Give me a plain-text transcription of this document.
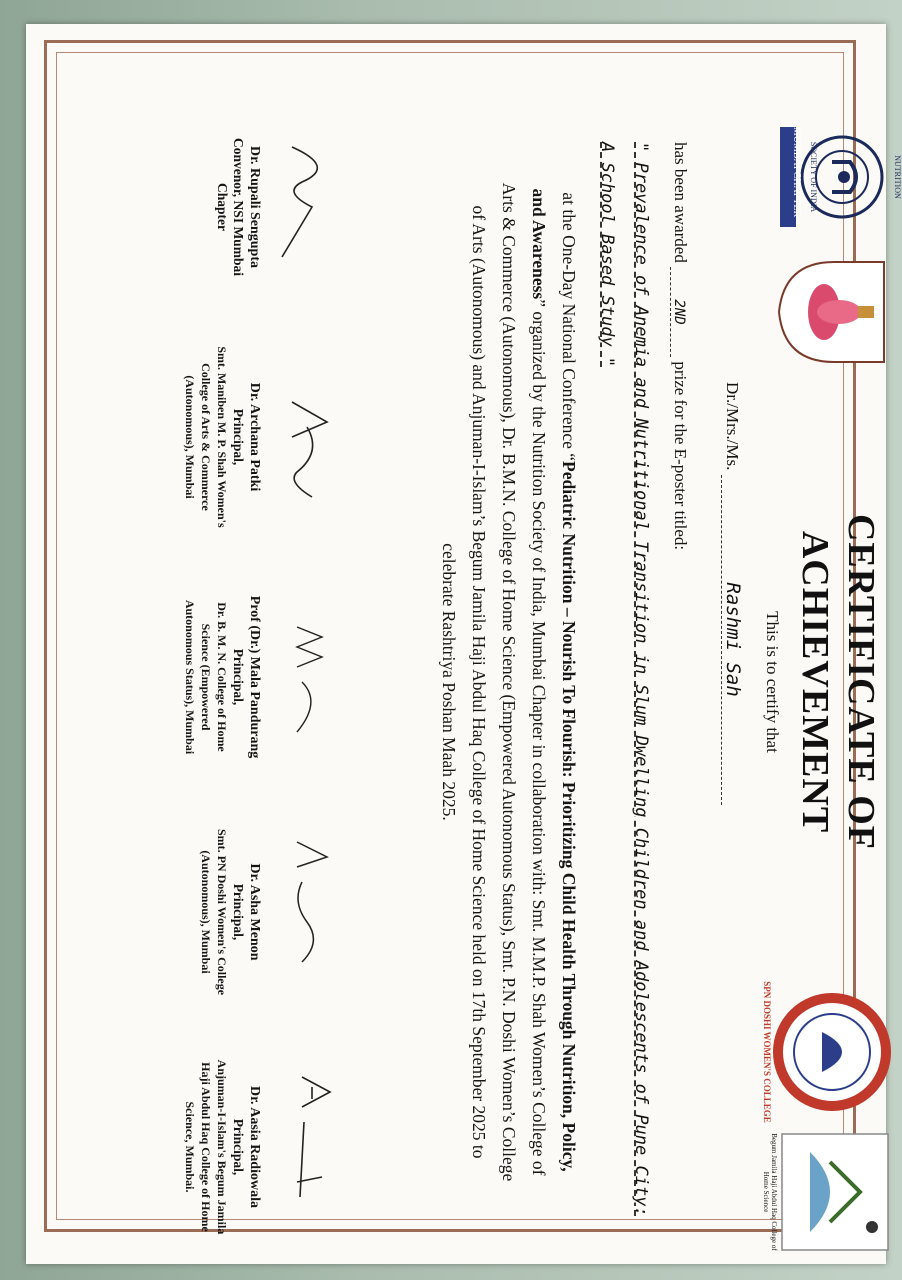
MUMBAI CHAPTER SOCIETY OF INDIA
SPN DOSHI WOMEN'S COLLEGE
CERTIFICATE OF
ACHIEVEMENT
This is to certify that
Dr./Mrs./Ms. Rashmi Sah
has been awarded 2ND prize for the E-poster titled:
" Prevalence of Anemia and Nutritional Transition in Slum Dwelling Children and Adolescents of Pune City: A School Based Study "
at the One-Day National Conference “Pediatric Nutrition – Nourish To Flourish: Prioritizing Child Health Through Nutrition, Policy, and Awareness” organized by the Nutrition Society of India, Mumbai Chapter in collaboration with: Smt. M.M.P. Shah Women’s College of Arts & Commerce (Autonomous), Dr. B.M.N. College of Home Science (Empowered Autonomous Status), Smt. P.N. Doshi Women’s College of Arts (Autonomous) and Anjuman-I-Islam’s Begum Jamila Haji Abdul Haq College of Home Science held on 17th September 2025 to celebrate Rashtriya Poshan Maah 2025.
Dr. Rupali Sengupta
Convenor, NSI Mumbai
Chapter
Dr. Archana Patki
Principal,
Smt. Maniben M. P. Shah Women's College of Arts & Commerce
(Autonomous), Mumbai
Prof (Dr.) Mala Pandurang
Principal,
Dr. B. M. N. College of Home Science (Empowered
Autonomous Status), Mumbai
Dr. Asha Menon
Principal,
Smt. PN Doshi Women's College
(Autonomous), Mumbai
Dr. Aasia Radiowala
Principal,
Anjuman-I-Islam's Begum Jamila Haji Abdul Haq College of Home
Science, Mumbai.	Begum Jamila Haji Abdul Haq College of Home Science
NUTRITION
